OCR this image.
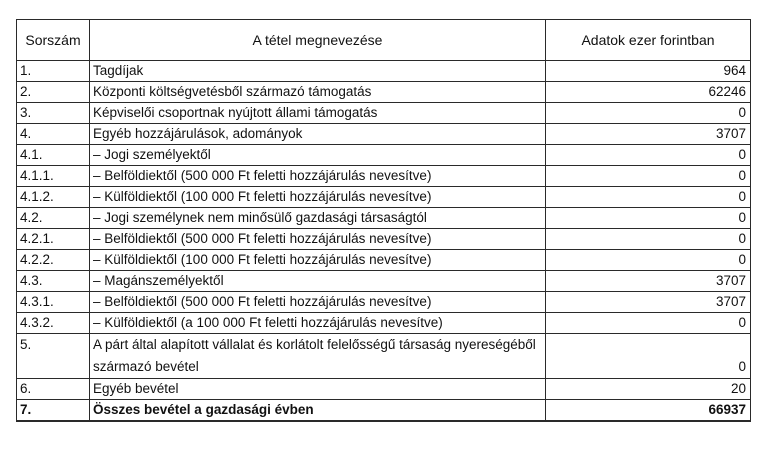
Sorszám	A tétel megnevezése	Adatok ezer forintban
1.	Tagdíjak	964
2.	Központi költségvetésből származó támogatás	62246
3.	Képviselői csoportnak nyújtott állami támogatás	0
4.	Egyéb hozzájárulások, adományok	3707
4.1.	– Jogi személyektől	0
4.1.1.	– Belföldiektől (500 000 Ft feletti hozzájárulás nevesítve)	0
4.1.2.	– Külföldiektől (100 000 Ft feletti hozzájárulás nevesítve)	0
4.2.	– Jogi személynek nem minősülő gazdasági társaságtól	0
4.2.1.	– Belföldiektől (500 000 Ft feletti hozzájárulás nevesítve)	0
4.2.2.	– Külföldiektől (100 000 Ft feletti hozzájárulás nevesítve)	0
4.3.	– Magánszemélyektől	3707
4.3.1.	– Belföldiektől (500 000 Ft feletti hozzájárulás nevesítve)	3707
4.3.2.	– Külföldiektől (a 100 000 Ft feletti hozzájárulás nevesítve)	0
5.	A párt által alapított vállalat és korlátolt felelősségű társaság nyereségéből származó bevétel	0
6.	Egyéb bevétel	20
7.	Összes bevétel a gazdasági évben	66937
